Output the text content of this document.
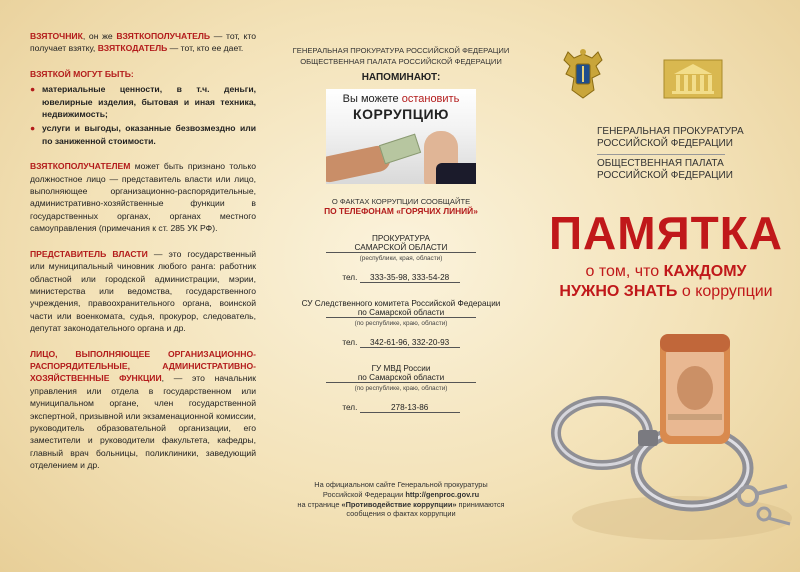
ВЗЯТОЧНИК, он же ВЗЯТКОПОЛУЧАТЕЛЬ — тот, кто получает взятку, ВЗЯТКОДАТЕЛЬ — тот, кто ее дает.
ВЗЯТКОЙ МОГУТ БЫТЬ:
● материальные ценности, в т.ч. деньги, ювелирные изделия, бытовая и иная техника, недвижимость;
● услуги и выгоды, оказанные безвозмездно или по заниженной стоимости.
ВЗЯТКОПОЛУЧАТЕЛЕМ может быть признано только должностное лицо — представитель власти или лицо, выполняющее организационно-распорядительные, административно-хозяйственные функции в государственных органах, органах местного самоуправления (примечания к ст. 285 УК РФ).
ПРЕДСТАВИТЕЛЬ ВЛАСТИ — это государственный или муниципальный чиновник любого ранга: работник областной или городской администрации, мэрии, министерства или ведомства, государственного учреждения, правоохранительного органа, воинской части или военкомата, судья, прокурор, следователь, депутат законодательного органа и др.
ЛИЦО, ВЫПОЛНЯЮЩЕЕ ОРГАНИЗАЦИОННО-РАСПОРЯДИТЕЛЬНЫЕ, АДМИНИСТРАТИВНО-ХОЗЯЙСТВЕННЫЕ ФУНКЦИИ, — это начальник управления или отдела в государственном или муниципальном органе, член государственной экспертной, призывной или экзаменационной комиссии, руководитель образовательной организации, его заместители и руководители факультета, кафедры, главный врач больницы, поликлиники, заведующий отделением и др.
ГЕНЕРАЛЬНАЯ ПРОКУРАТУРА РОССИЙСКОЙ ФЕДЕРАЦИИ
ОБЩЕСТВЕННАЯ ПАЛАТА РОССИЙСКОЙ ФЕДЕРАЦИИ
НАПОМИНАЮТ:
Вы можете остановить
КОРРУПЦИЮ
О ФАКТАХ КОРРУПЦИИ СООБЩАЙТЕ
ПО ТЕЛЕФОНАМ «ГОРЯЧИХ ЛИНИЙ»
ПРОКУРАТУРА
САМАРСКОЙ ОБЛАСТИ
(республики, края, области)
тел. 333-35-98, 333-54-28
СУ Следственного комитета Российской Федерации
по Самарской области
(по республике, краю, области)
тел. 342-61-96, 332-20-93
ГУ МВД России
по Самарской области
(по республике, краю, области)
тел.	278-13-86
На официальном сайте Генеральной прокуратуры
Российской Федерации http://genproc.gov.ru
на странице «Противодействие коррупции» принимаются
сообщения о фактах коррупции
ГЕНЕРАЛЬНАЯ ПРОКУРАТУРА
РОССИЙСКОЙ ФЕДЕРАЦИИ
ОБЩЕСТВЕННАЯ ПАЛАТА
РОССИЙСКОЙ ФЕДЕРАЦИИ
ПАМЯТКА
о том, что КАЖДОМУ
НУЖНО ЗНАТЬ о коррупции
